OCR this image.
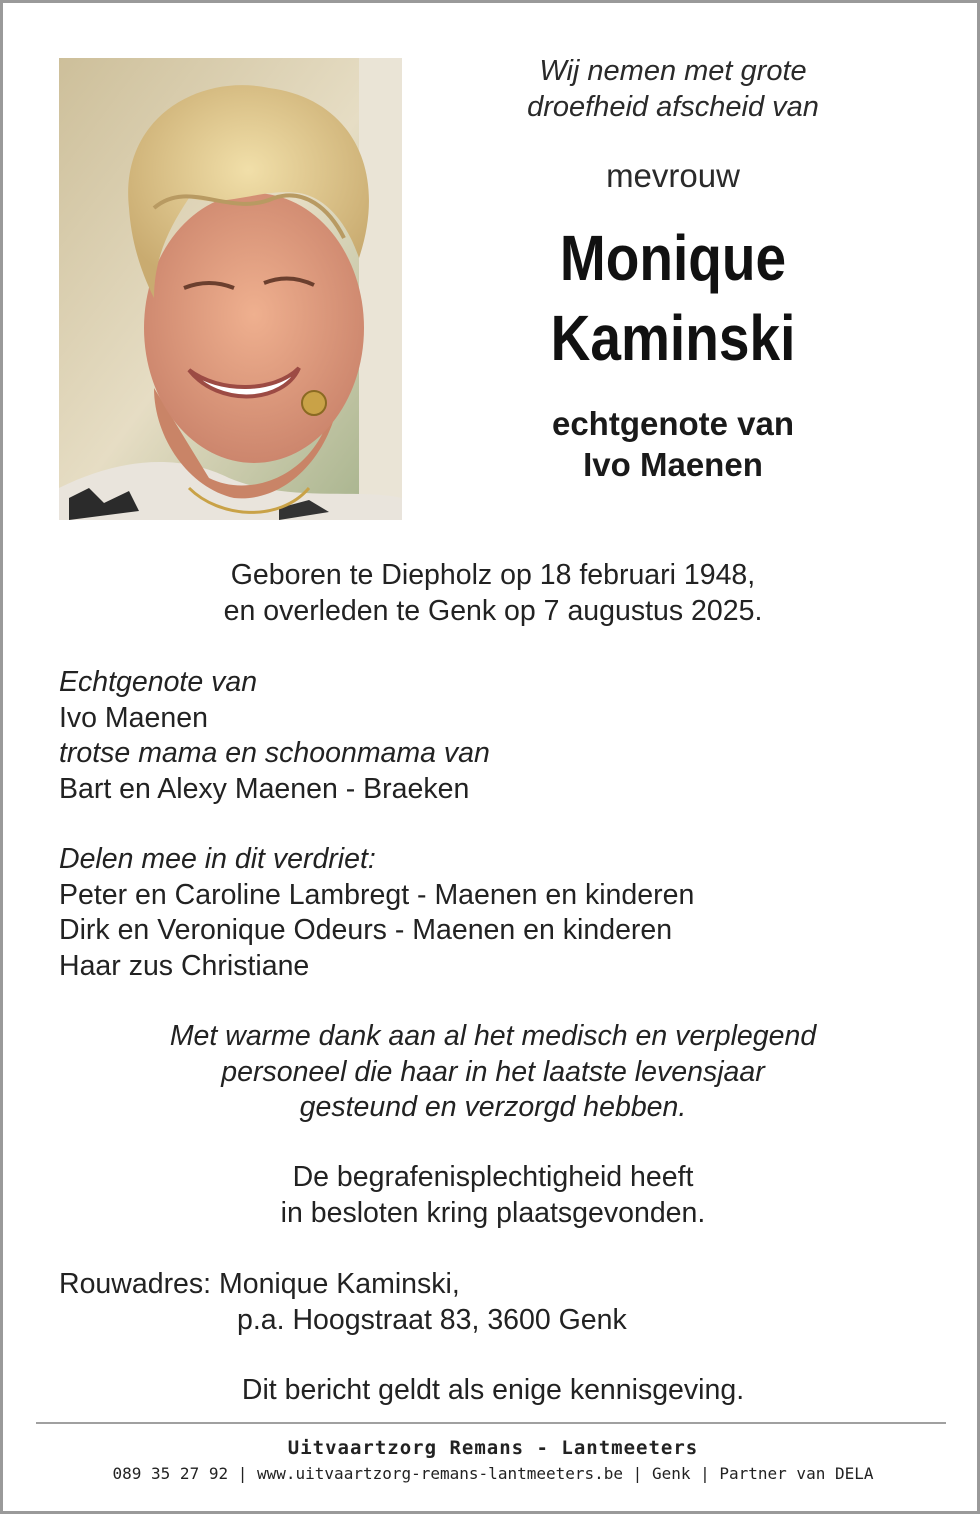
Wij nemen met grote
droefheid afscheid van

mevrouw

Monique
Kaminski

echtgenote van
Ivo Maenen

Geboren te Diepholz op 18 februari 1948,
en overleden te Genk op 7 augustus 2025.
Echtgenote van
Ivo Maenen
trotse mama en schoonmama van
Bart en Alexy Maenen - Braeken
Delen mee in dit verdriet:
Peter en Caroline Lambregt - Maenen en kinderen
Dirk en Veronique Odeurs - Maenen en kinderen
Haar zus Christiane
Met warme dank aan al het medisch en verplegend
personeel die haar in het laatste levensjaar
gesteund en verzorgd hebben.
De begrafenisplechtigheid heeft
in besloten kring plaatsgevonden.
Rouwadres: Monique Kaminski,
p.a. Hoogstraat 83, 3600 Genk
Dit bericht geldt als enige kennisgeving.
Uitvaartzorg Remans - Lantmeeters
089 35 27 92 | www.uitvaartzorg-remans-lantmeeters.be | Genk | Partner van DELA
